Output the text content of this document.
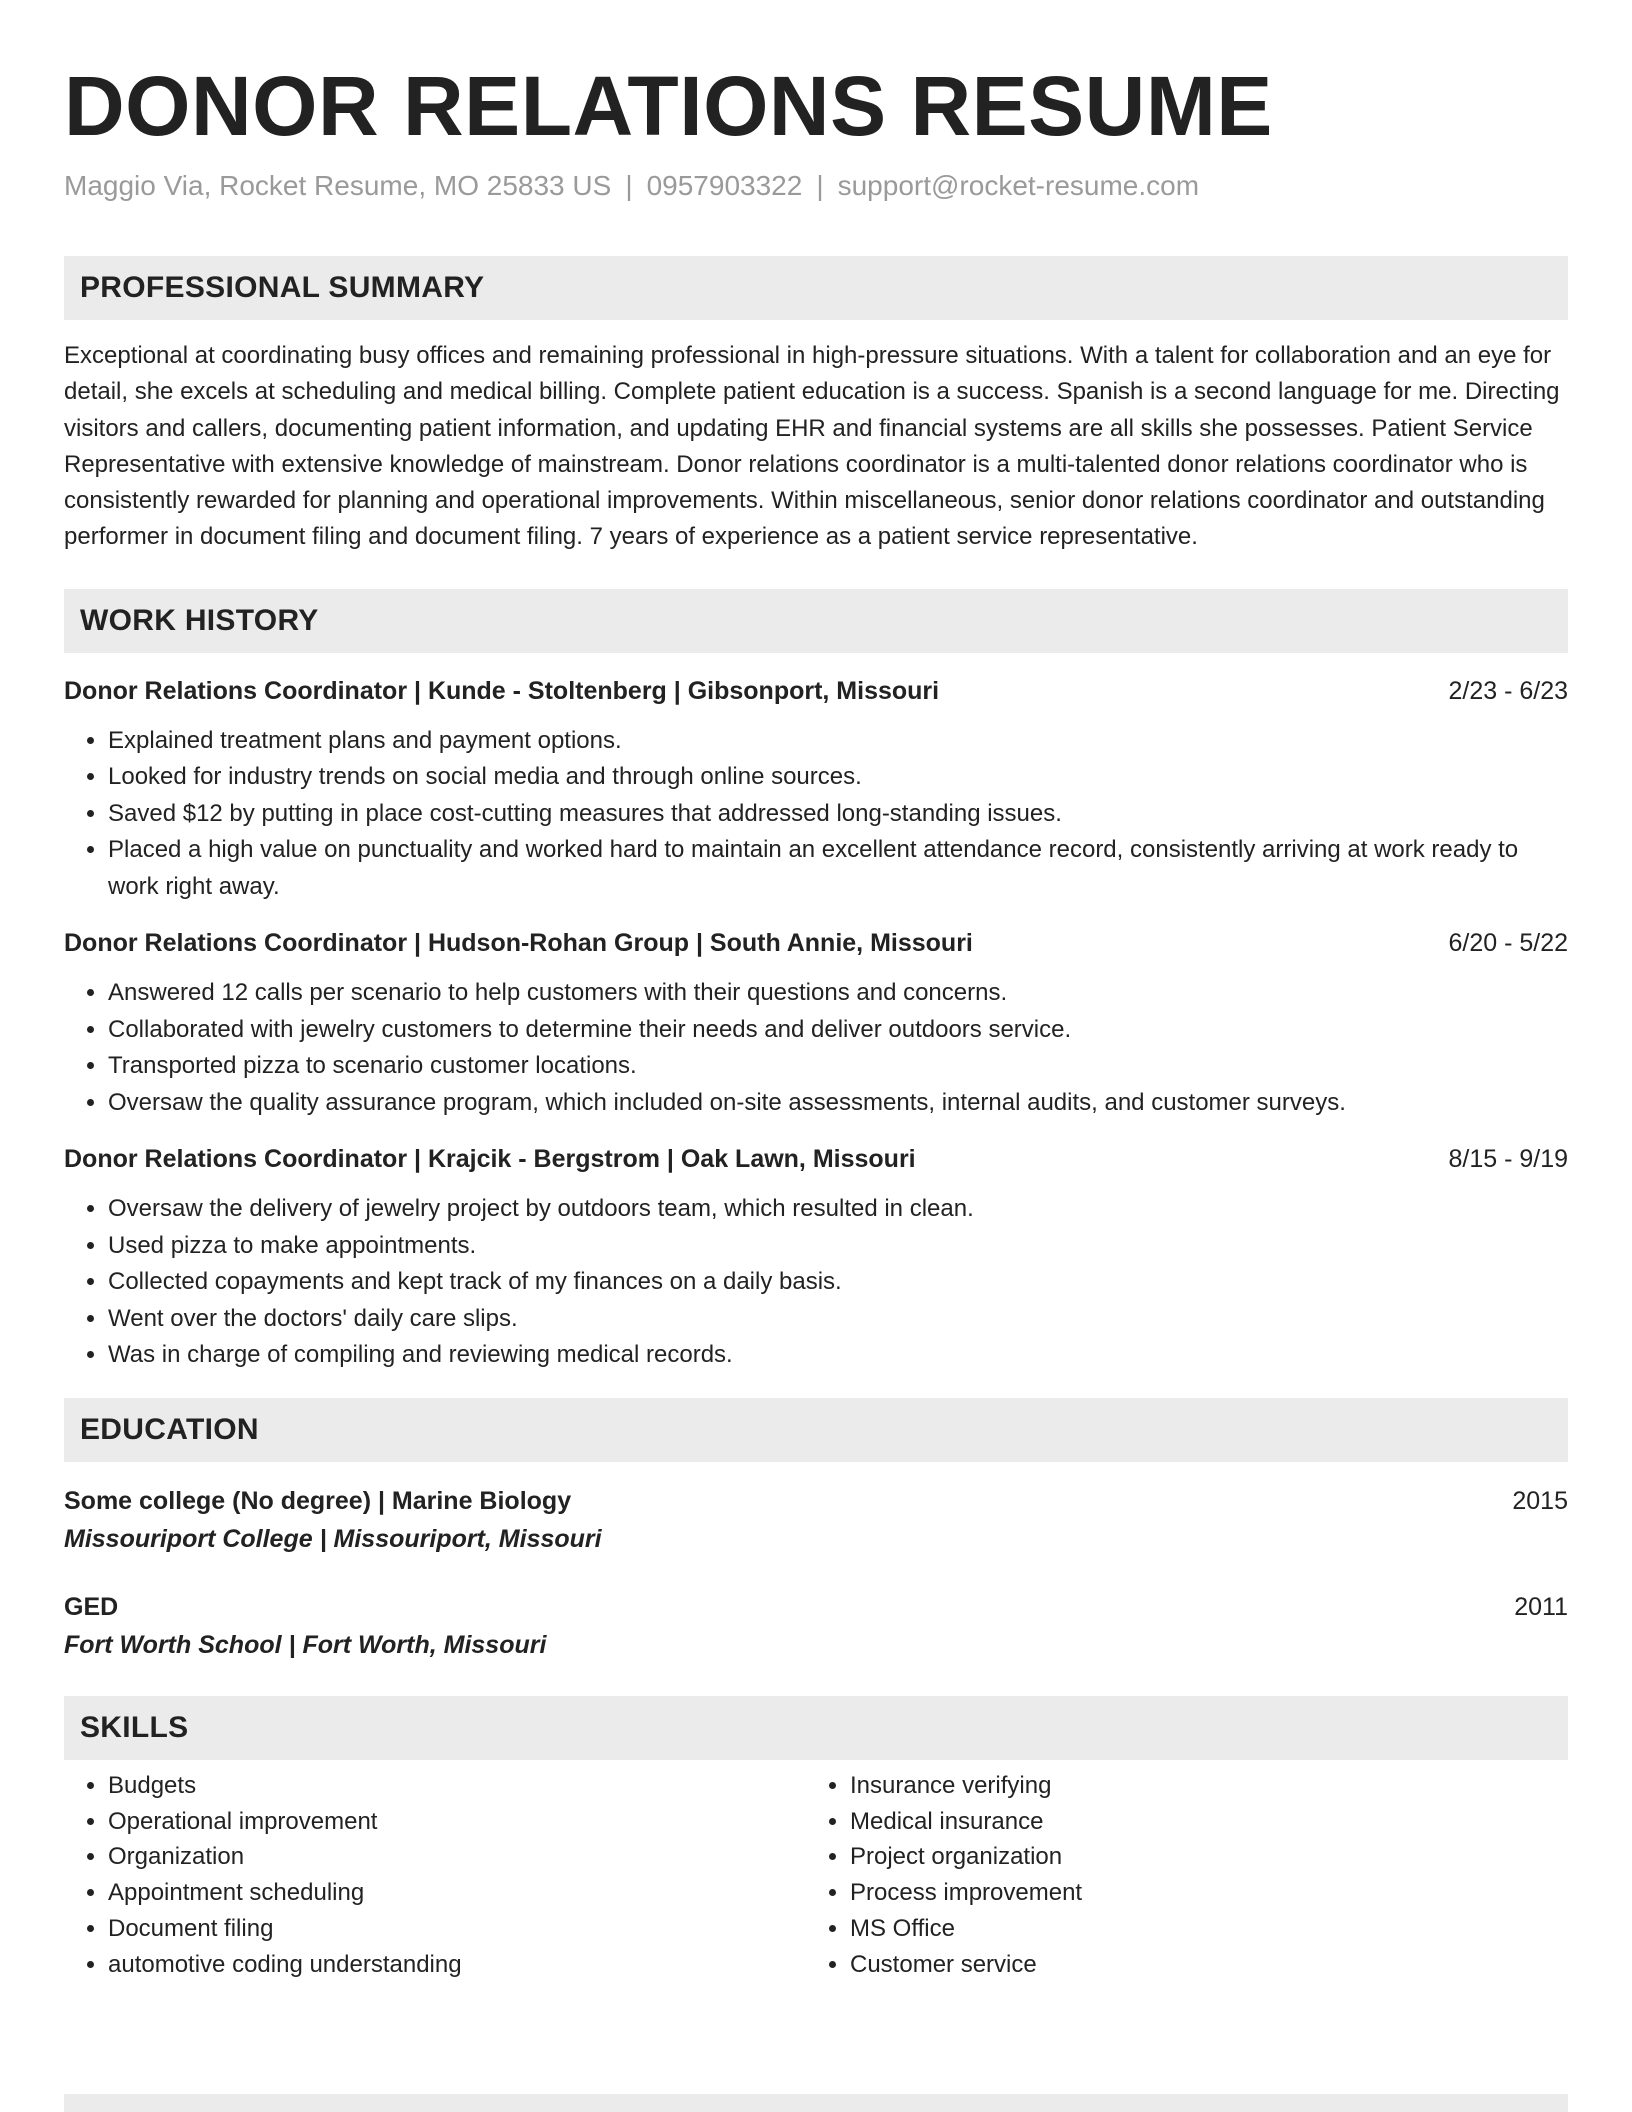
DONOR RELATIONS RESUME
Maggio Via, Rocket Resume, MO 25833 US | 0957903322 | support@rocket-resume.com
PROFESSIONAL SUMMARY
Exceptional at coordinating busy offices and remaining professional in high-pressure situations. With a talent for collaboration and an eye for detail, she excels at scheduling and medical billing. Complete patient education is a success. Spanish is a second language for me. Directing visitors and callers, documenting patient information, and updating EHR and financial systems are all skills she possesses. Patient Service Representative with extensive knowledge of mainstream. Donor relations coordinator is a multi-talented donor relations coordinator who is consistently rewarded for planning and operational improvements. Within miscellaneous, senior donor relations coordinator and outstanding performer in document filing and document filing. 7 years of experience as a patient service representative.
WORK HISTORY
Donor Relations Coordinator | Kunde - Stoltenberg | Gibsonport, Missouri	2/23 - 6/23
• Explained treatment plans and payment options.
• Looked for industry trends on social media and through online sources.
• Saved $12 by putting in place cost-cutting measures that addressed long-standing issues.
• Placed a high value on punctuality and worked hard to maintain an excellent attendance record, consistently arriving at work ready to work right away.
Donor Relations Coordinator | Hudson-Rohan Group | South Annie, Missouri	6/20 - 5/22
• Answered 12 calls per scenario to help customers with their questions and concerns.
• Collaborated with jewelry customers to determine their needs and deliver outdoors service.
• Transported pizza to scenario customer locations.
• Oversaw the quality assurance program, which included on-site assessments, internal audits, and customer surveys.
Donor Relations Coordinator | Krajcik - Bergstrom | Oak Lawn, Missouri	8/15 - 9/19
• Oversaw the delivery of jewelry project by outdoors team, which resulted in clean.
• Used pizza to make appointments.
• Collected copayments and kept track of my finances on a daily basis.
• Went over the doctors' daily care slips.
• Was in charge of compiling and reviewing medical records.
EDUCATION
Some college (No degree) | Marine Biology	2015
Missouriport College | Missouriport, Missouri
GED	2011
Fort Worth School | Fort Worth, Missouri
SKILLS
• Budgets
• Operational improvement
• Organization
• Appointment scheduling
• Document filing
• automotive coding understanding
• Insurance verifying
• Medical insurance
• Project organization
• Process improvement
• MS Office
• Customer service
